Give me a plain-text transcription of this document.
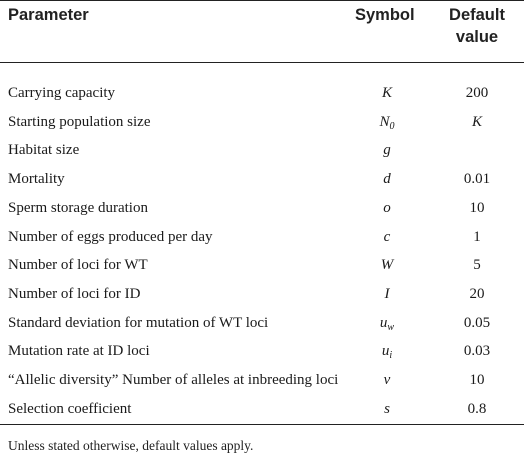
Parameter	Symbol	Default value
Carrying capacity	K	200
Starting population size	$N_0$	K
Habitat size	g
Mortality	d	0.01
Sperm storage duration	o	10
Number of eggs produced per day	c	1
Number of loci for WT	W	5
Number of loci for ID	I	20
Standard deviation for mutation of WT loci	$u_w$	0.05
Mutation rate at ID loci	$u_i$	0.03
“Allelic diversity” Number of alleles at inbreeding loci	v	10
Selection coefficient	s	0.8
Unless stated otherwise, default values apply.
